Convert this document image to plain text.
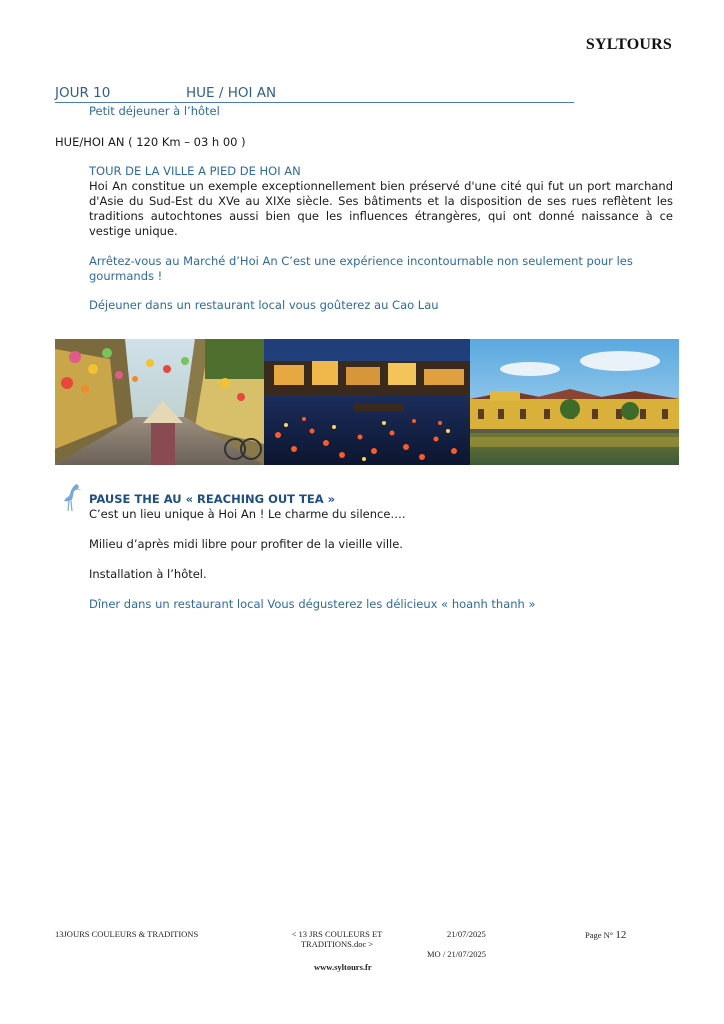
SYLTOURS
JOUR 10	HUE / HOI AN
Petit déjeuner à l’hôtel
HUE/HOI AN ( 120 Km – 03 h 00 )
TOUR DE LA VILLE A PIED DE HOI AN
Hoi An constitue un exemple exceptionnellement bien préservé d'une cité qui fut un port marchand d'Asie du Sud-Est du XVe au XIXe siècle. Ses bâtiments et la disposition de ses rues reflètent les traditions autochtones aussi bien que les influences étrangères, qui ont donné naissance à ce vestige unique.
Arrêtez-vous au Marché d’Hoi An C’est une expérience incontournable non seulement pour les gourmands !
Déjeuner dans un restaurant local vous goûterez au Cao Lau
PAUSE THE AU « REACHING OUT TEA »
C’est un lieu unique à Hoi An ! Le charme du silence….
Milieu d’après midi libre pour profiter de la vieille ville.
Installation à l’hôtel.
Dîner dans un restaurant local Vous dégusterez les délicieux « hoanh thanh »
13JOURS COULEURS & TRADITIONS	< 13 JRS COULEURS ET
TRADITIONS.doc >
21/07/2025
MO / 21/07/2025
Page N° 12
www.syltours.fr
